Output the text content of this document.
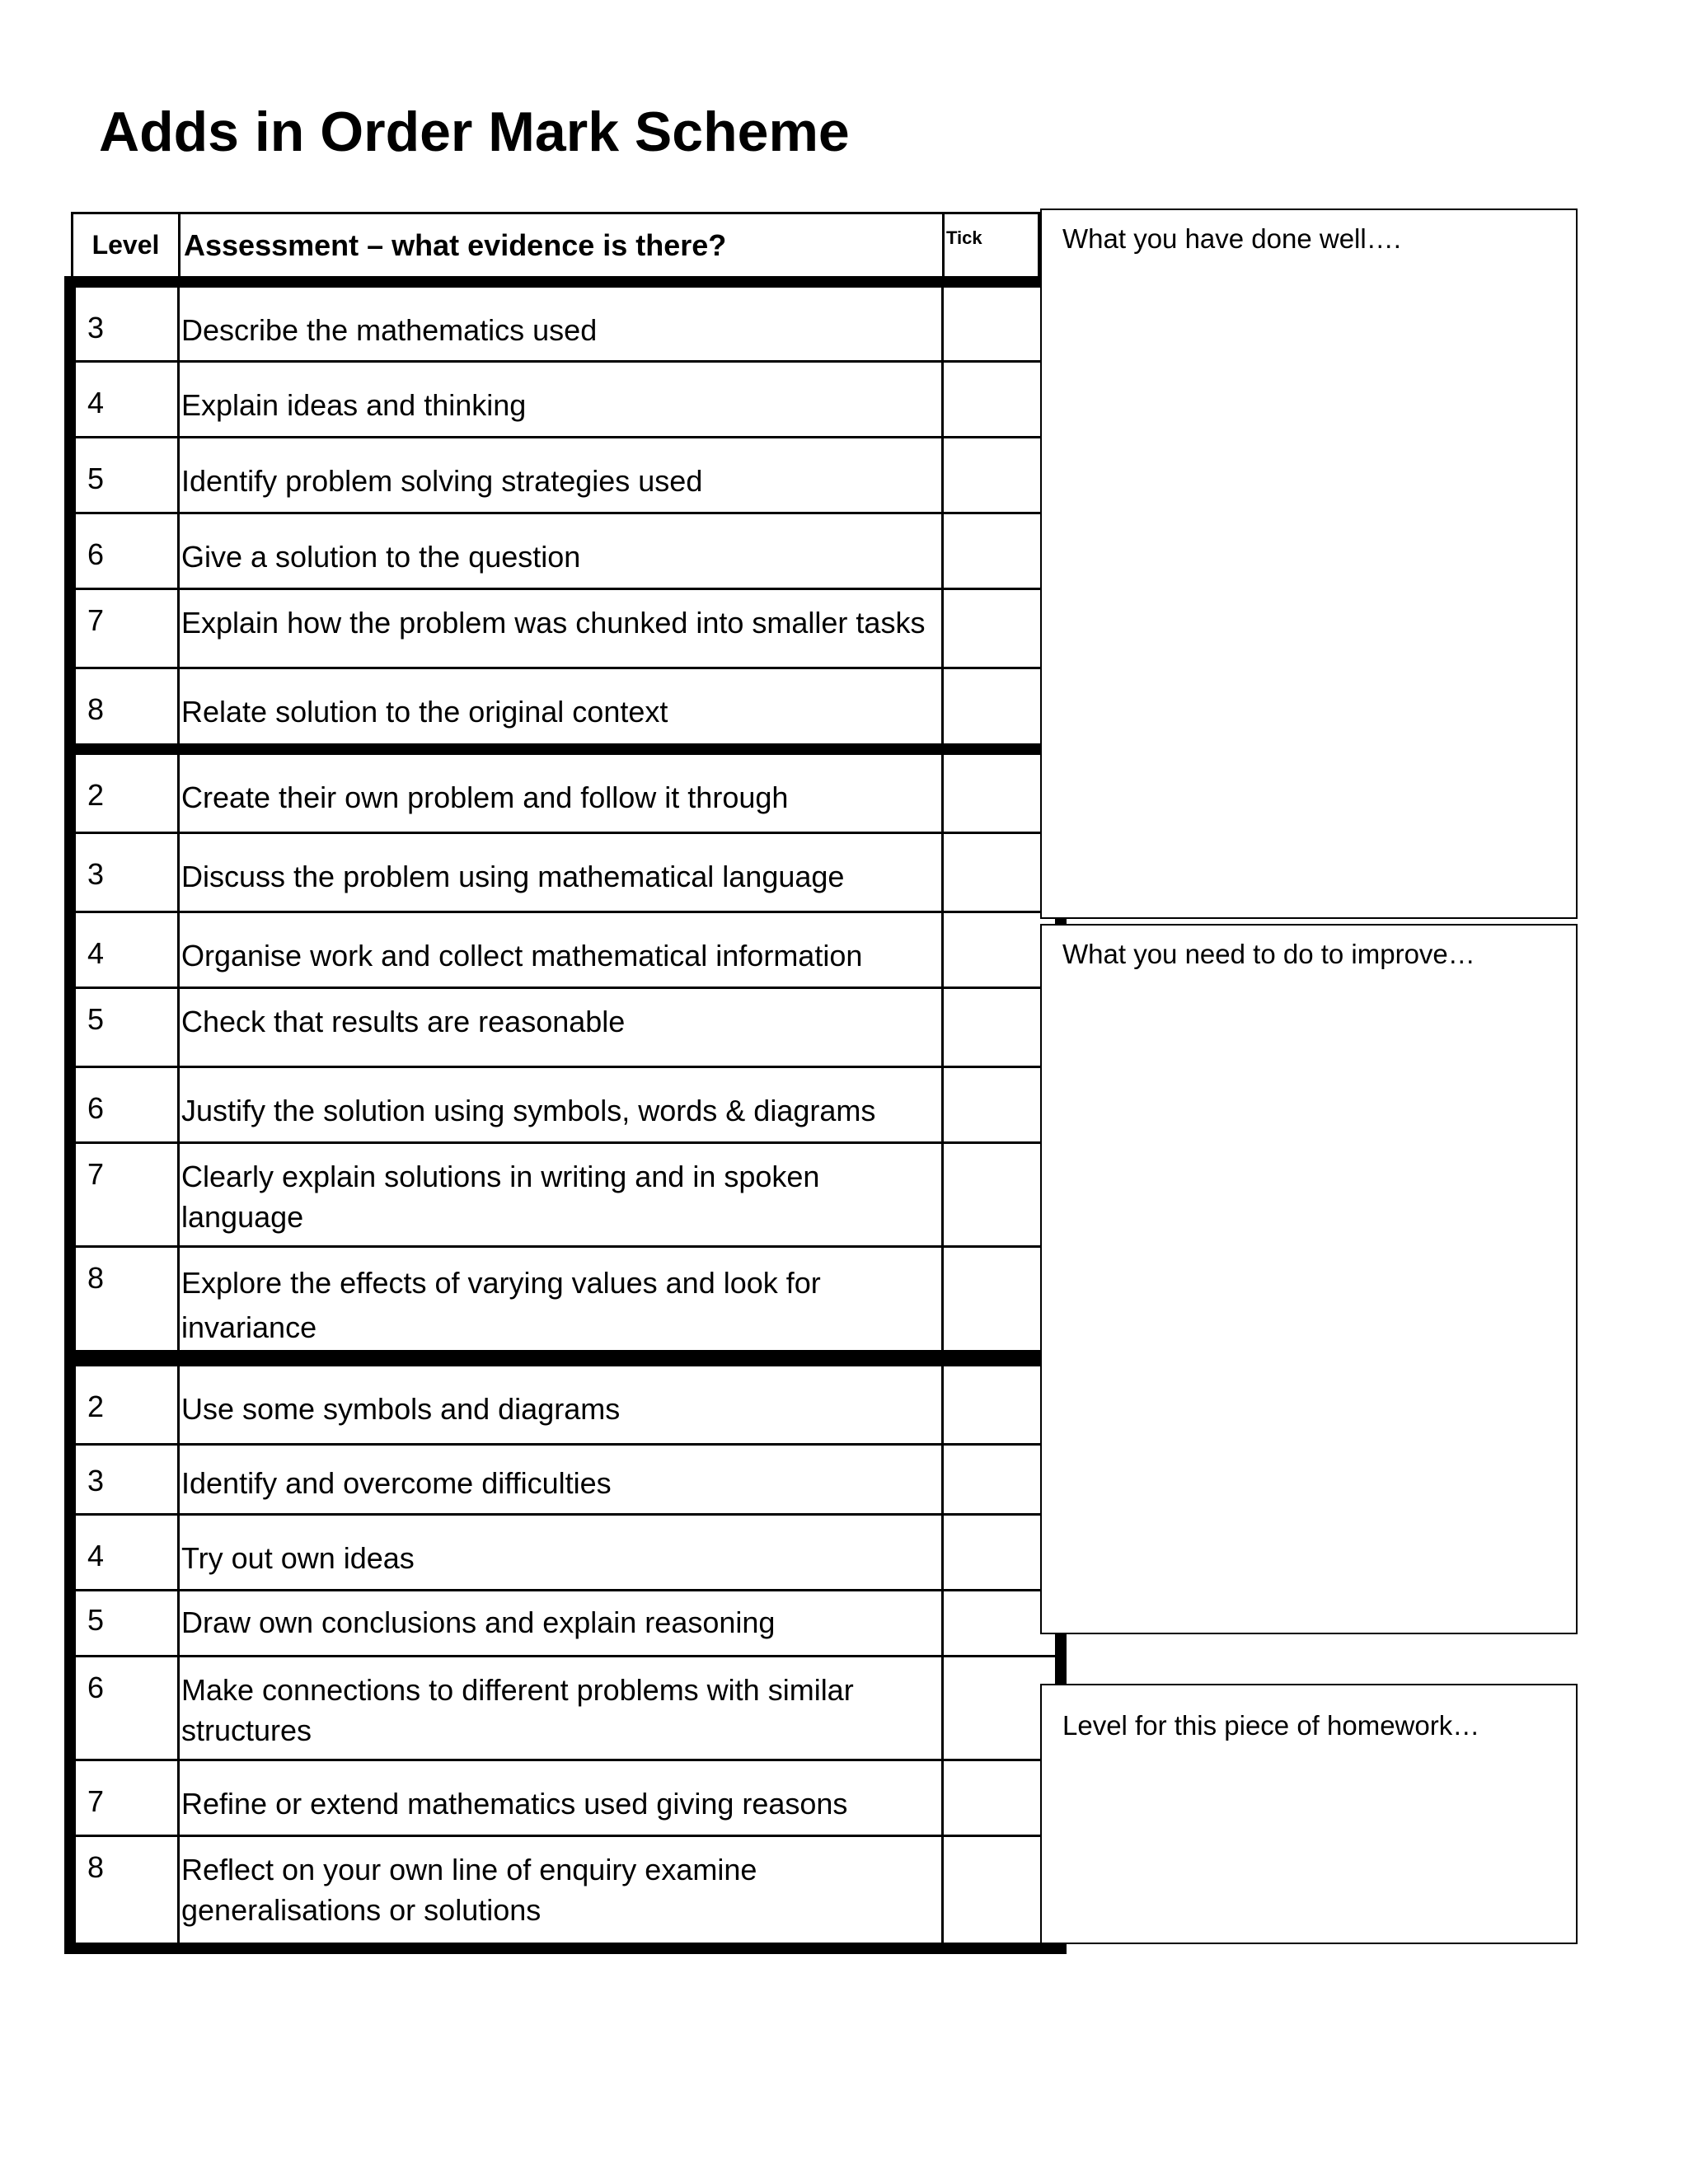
Adds in Order Mark Scheme
Level Assessment – what evidence is there?	Tick
3	Describe the mathematics used
4	Explain ideas and thinking
5	Identify problem solving strategies used
6	Give a solution to the question
7	Explain how the problem was chunked into smaller tasks
8	Relate solution to the original context
2	Create their own problem and follow it through
3	Discuss the problem using mathematical language
4	Organise work and collect mathematical information
5	Check that results are reasonable
6	Justify the solution using symbols, words & diagrams
7	Clearly explain solutions in writing and in spoken language
8	Explore the effects of varying values and look for invariance
2	Use some symbols and diagrams
3	Identify and overcome difficulties
4	Try out own ideas
5	Draw own conclusions and explain reasoning
6	Make connections to different problems with similar structures
7	Refine or extend mathematics used giving reasons
8	Reflect on your own line of enquiry examine generalisations or solutions
What you have done well….
What you need to do to improve…
Level for this piece of homework…
